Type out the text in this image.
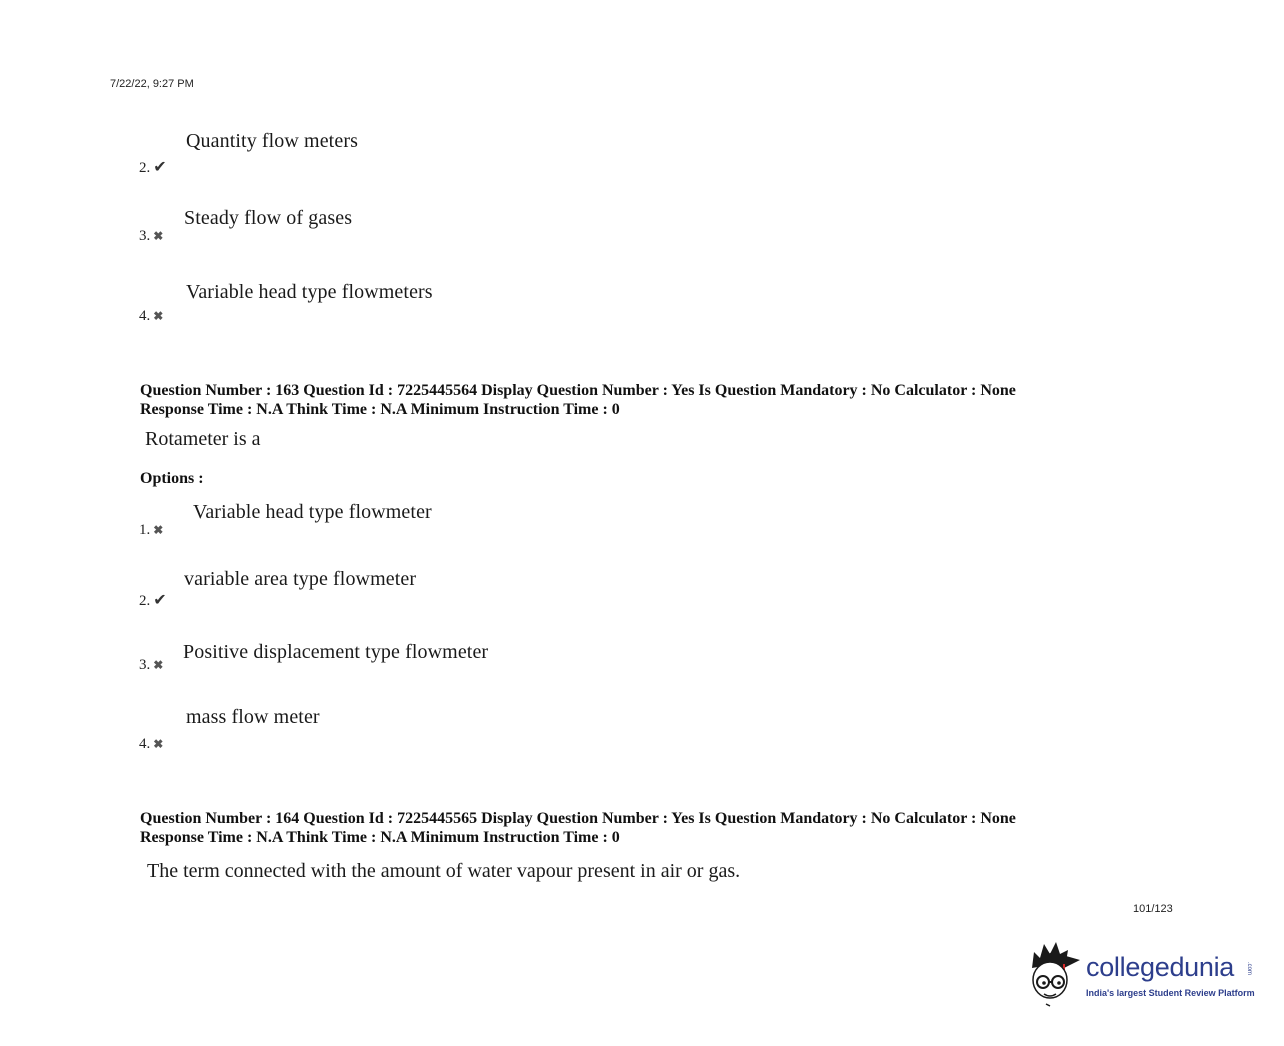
7/22/22, 9:27 PM
Quantity flow meters
2. ✔
Steady flow of gases
3. ✖
Variable head type flowmeters
4. ✖
Question Number : 163 Question Id : 7225445564 Display Question Number : Yes Is Question Mandatory : No Calculator : None
Response Time : N.A Think Time : N.A Minimum Instruction Time : 0
Rotameter is a
Options :
Variable head type flowmeter
1. ✖
variable area type flowmeter
2. ✔
Positive displacement type flowmeter
3. ✖
mass flow meter
4. ✖
Question Number : 164 Question Id : 7225445565 Display Question Number : Yes Is Question Mandatory : No Calculator : None
Response Time : N.A Think Time : N.A Minimum Instruction Time : 0
The term connected with the amount of water vapour present in air or gas.
101/123
collegedunia .com
India's largest Student Review Platform
